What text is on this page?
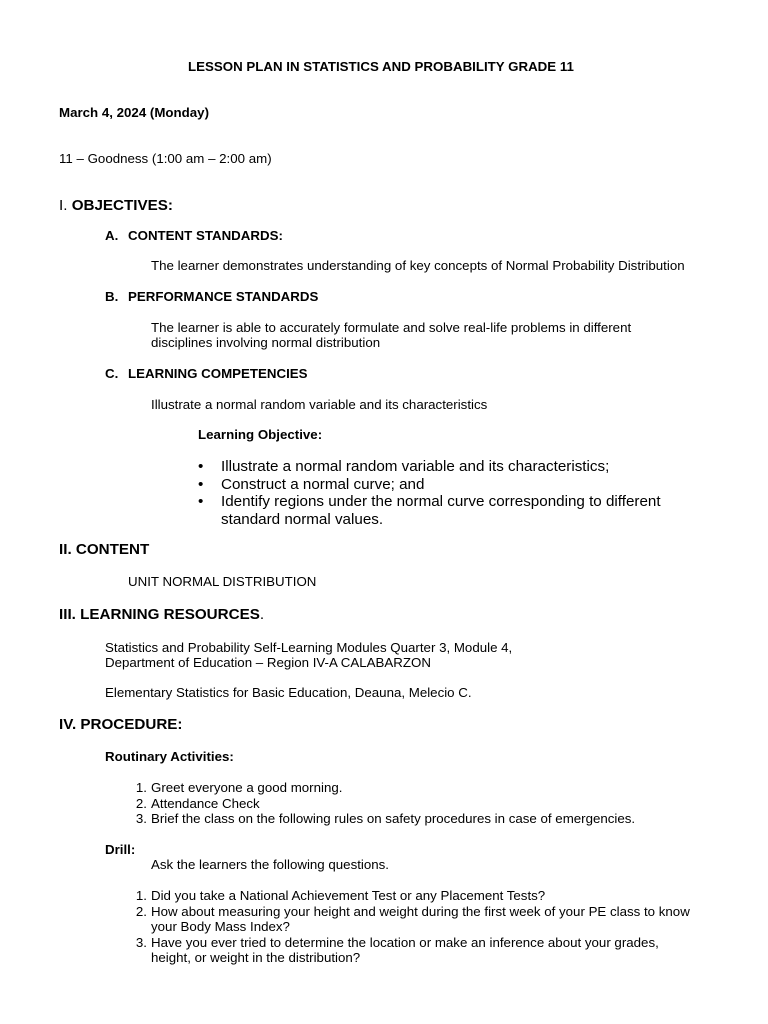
LESSON PLAN IN STATISTICS AND PROBABILITY GRADE 11
March 4, 2024 (Monday)
11 – Goodness (1:00 am – 2:00 am)
I. OBJECTIVES:
A. CONTENT STANDARDS:
The learner demonstrates understanding of key concepts of Normal Probability Distribution
B. PERFORMANCE STANDARDS
The learner is able to accurately formulate and solve real-life problems in different
disciplines involving normal distribution
C. LEARNING COMPETENCIES
Illustrate a normal random variable and its characteristics
Learning Objective:
• Illustrate a normal random variable and its characteristics;
• Construct a normal curve; and
• Identify regions under the normal curve corresponding to different
standard normal values.
II. CONTENT
UNIT NORMAL DISTRIBUTION
III. LEARNING RESOURCES.
Statistics and Probability Self-Learning Modules Quarter 3, Module 4,
Department of Education – Region IV-A CALABARZON
Elementary Statistics for Basic Education, Deauna, Melecio C.
IV. PROCEDURE:
Routinary Activities:
1. Greet everyone a good morning.
2. Attendance Check
3. Brief the class on the following rules on safety procedures in case of emergencies.
Drill:
Ask the learners the following questions.
1. Did you take a National Achievement Test or any Placement Tests?
2. How about measuring your height and weight during the first week of your PE class to know
your Body Mass Index?
3. Have you ever tried to determine the location or make an inference about your grades,
height, or weight in the distribution?
